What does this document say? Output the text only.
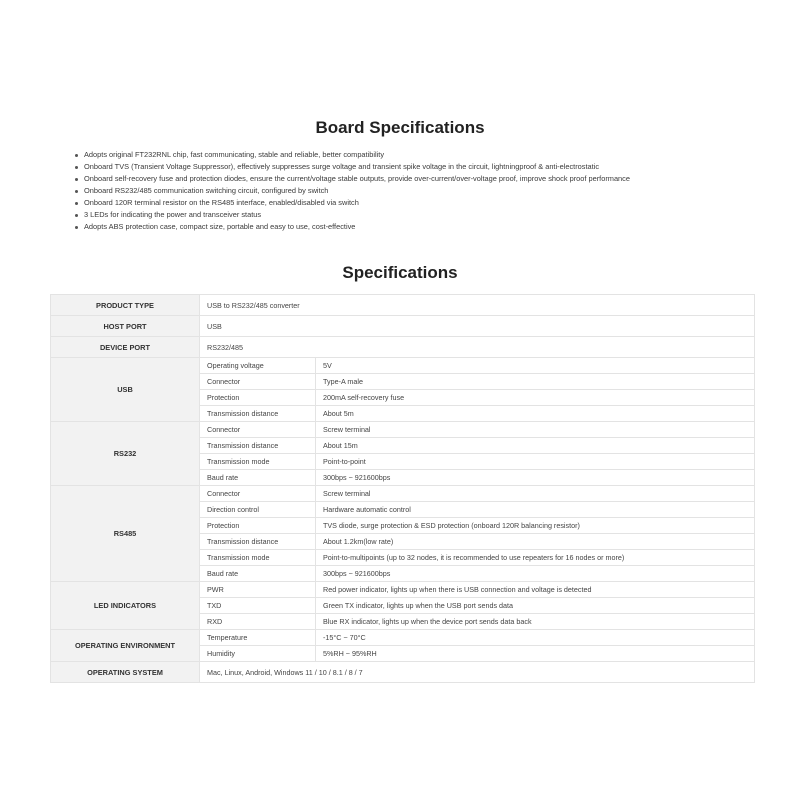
Board Specifications
Adopts original FT232RNL chip, fast communicating, stable and reliable, better compatibility
Onboard TVS (Transient Voltage Suppressor), effectively suppresses surge voltage and transient spike voltage in the circuit, lightningproof & anti-electrostatic
Onboard self-recovery fuse and protection diodes, ensure the current/voltage stable outputs, provide over-current/over-voltage proof, improve shock proof performance
Onboard RS232/485 communication switching circuit, configured by switch
Onboard 120R terminal resistor on the RS485 interface, enabled/disabled via switch
3 LEDs for indicating the power and transceiver status
Adopts ABS protection case, compact size, portable and easy to use, cost-effective
Specifications
PRODUCT TYPE	USB to RS232/485 converter	
HOST PORT	USB	
DEVICE PORT	RS232/485	
USB	Operating voltage	5V
	Connector	Type-A male
	Protection	200mA self-recovery fuse
	Transmission distance	About 5m
RS232	Connector	Screw terminal
	Transmission distance	About 15m
	Transmission mode	Point-to-point
	Baud rate	300bps ~ 921600bps
RS485	Connector	Screw terminal
	Direction control	Hardware automatic control
	Protection	TVS diode, surge protection & ESD protection (onboard 120R balancing resistor)
	Transmission distance	About 1.2km(low rate)
	Transmission mode	Point-to-multipoints (up to 32 nodes, it is recommended to use repeaters for 16 nodes or more)
	Baud rate	300bps ~ 921600bps
LED INDICATORS	PWR	Red power indicator, lights up when there is USB connection and voltage is detected
	TXD	Green TX indicator, lights up when the USB port sends data
	RXD	Blue RX indicator, lights up when the device port sends data back
OPERATING ENVIRONMENT	Temperature	-15°C ~ 70°C
	Humidity	5%RH ~ 95%RH
OPERATING SYSTEM	Mac, Linux, Android, Windows 11 / 10 / 8.1 / 8 / 7	
